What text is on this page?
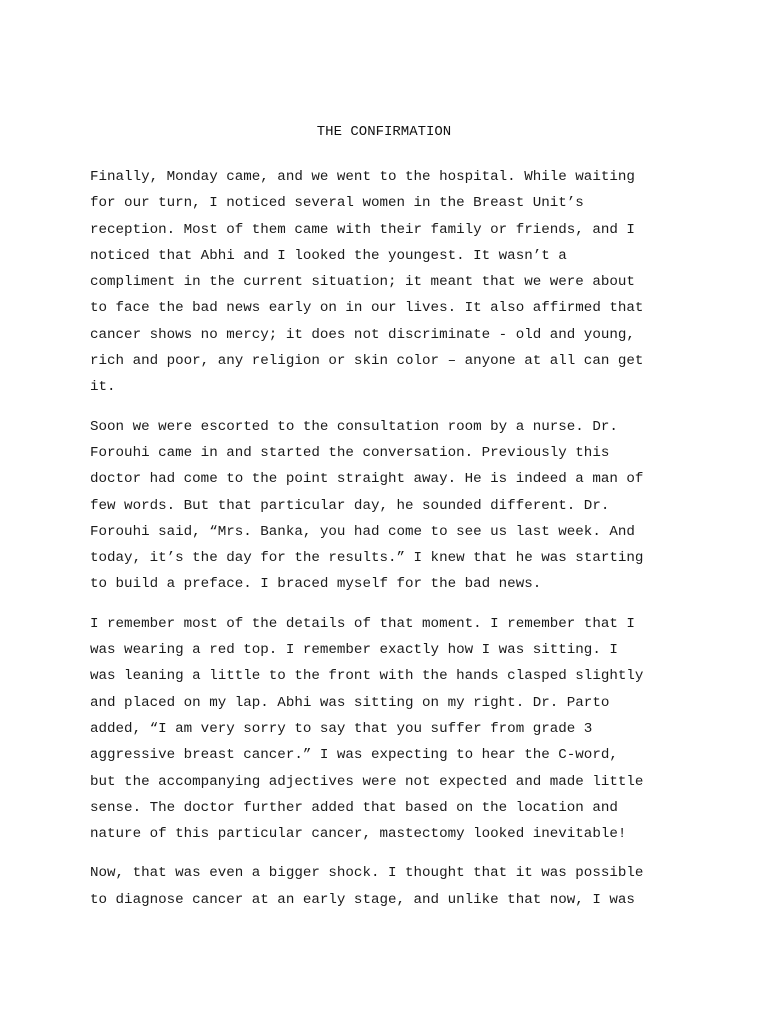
THE CONFIRMATION

Finally, Monday came, and we went to the hospital. While waiting
for our turn, I noticed several women in the Breast Unit’s
reception. Most of them came with their family or friends, and I
noticed that Abhi and I looked the youngest. It wasn’t a
compliment in the current situation; it meant that we were about
to face the bad news early on in our lives. It also affirmed that
cancer shows no mercy; it does not discriminate - old and young,
rich and poor, any religion or skin color – anyone at all can get
it.

Soon we were escorted to the consultation room by a nurse. Dr.
Forouhi came in and started the conversation. Previously this
doctor had come to the point straight away. He is indeed a man of
few words. But that particular day, he sounded different. Dr.
Forouhi said, “Mrs. Banka, you had come to see us last week. And
today, it’s the day for the results.” I knew that he was starting
to build a preface. I braced myself for the bad news.

I remember most of the details of that moment. I remember that I
was wearing a red top. I remember exactly how I was sitting. I
was leaning a little to the front with the hands clasped slightly
and placed on my lap. Abhi was sitting on my right. Dr. Parto
added, “I am very sorry to say that you suffer from grade 3
aggressive breast cancer.” I was expecting to hear the C-word,
but the accompanying adjectives were not expected and made little
sense. The doctor further added that based on the location and
nature of this particular cancer, mastectomy looked inevitable!

Now, that was even a bigger shock. I thought that it was possible
to diagnose cancer at an early stage, and unlike that now, I was
